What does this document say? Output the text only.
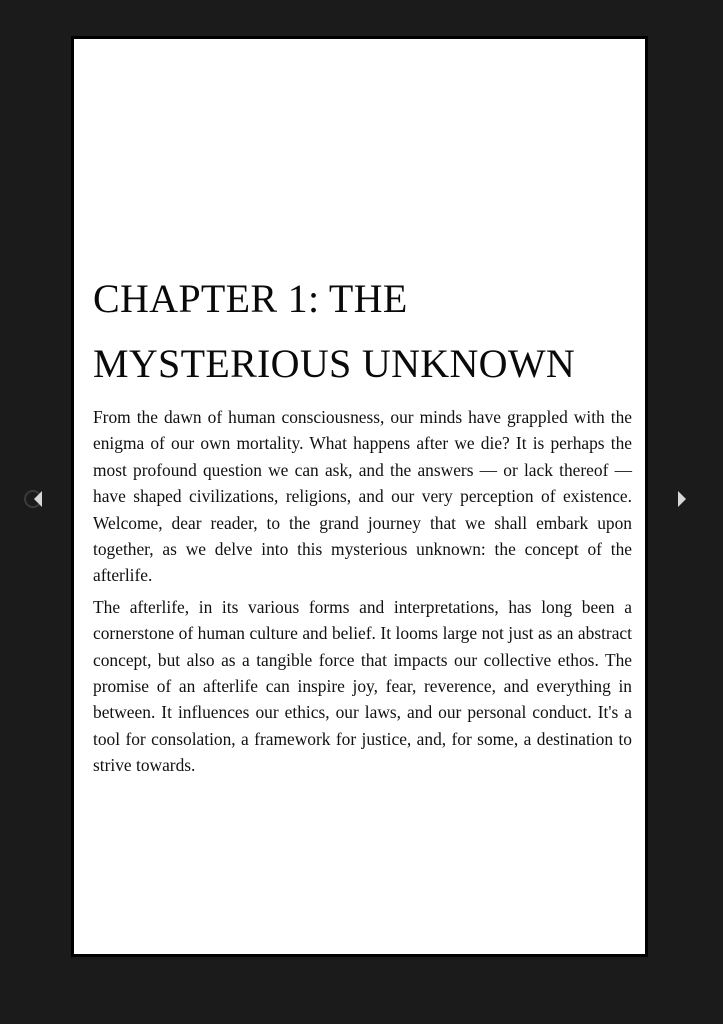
CHAPTER 1: THE MYSTERIOUS UNKNOWN

From the dawn of human consciousness, our minds have grappled with the enigma of our own mortality. What happens after we die? It is perhaps the most profound question we can ask, and the answers — or lack thereof — have shaped civilizations, religions, and our very perception of existence. Welcome, dear reader, to the grand journey that we shall embark upon together, as we delve into this mysterious unknown: the concept of the afterlife.

The afterlife, in its various forms and interpretations, has long been a cornerstone of human culture and belief. It looms large not just as an abstract concept, but also as a tangible force that impacts our collective ethos. The promise of an afterlife can inspire joy, fear, reverence, and everything in between. It influences our ethics, our laws, and our personal conduct. It's a tool for consolation, a framework for justice, and, for some, a destination to strive towards.
